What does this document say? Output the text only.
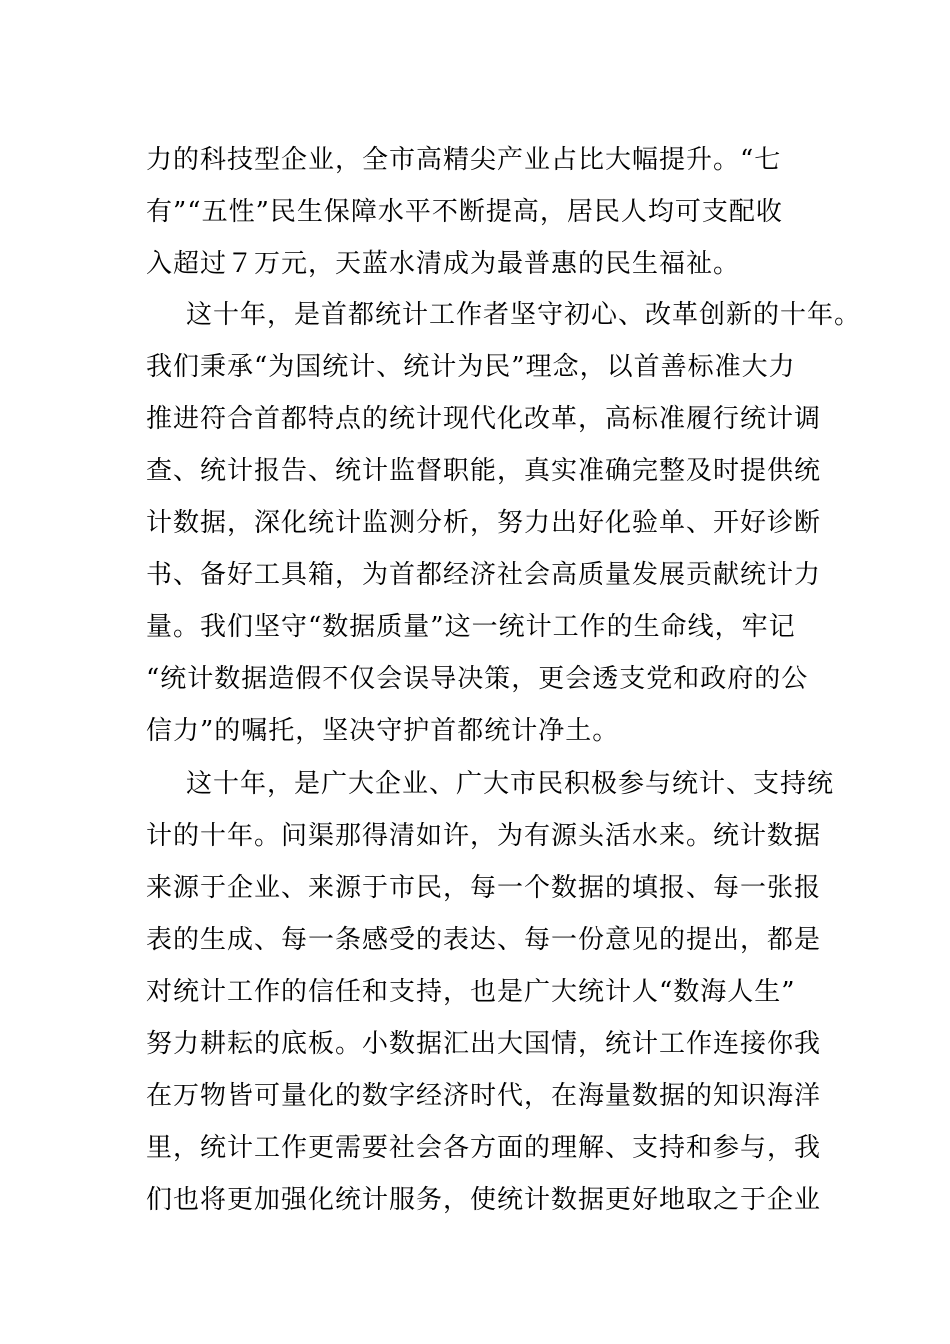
力的科技型企业，全市高精尖产业占比大幅提升。“七
有”“五性”民生保障水平不断提高，居民人均可支配收
入超过７万元，天蓝水清成为最普惠的民生福祉。
这十年，是首都统计工作者坚守初心、改革创新的十年。
我们秉承“为国统计、统计为民”理念，以首善标准大力
推进符合首都特点的统计现代化改革，高标准履行统计调
查、统计报告、统计监督职能，真实准确完整及时提供统
计数据，深化统计监测分析，努力出好化验单、开好诊断
书、备好工具箱，为首都经济社会高质量发展贡献统计力
量。我们坚守“数据质量”这一统计工作的生命线，牢记
“统计数据造假不仅会误导决策，更会透支党和政府的公
信力”的嘱托，坚决守护首都统计净土。
这十年，是广大企业、广大市民积极参与统计、支持统
计的十年。问渠那得清如许，为有源头活水来。统计数据
来源于企业、来源于市民，每一个数据的填报、每一张报
表的生成、每一条感受的表达、每一份意见的提出，都是
对统计工作的信任和支持，也是广大统计人“数海人生”
努力耕耘的底板。小数据汇出大国情，统计工作连接你我
在万物皆可量化的数字经济时代，在海量数据的知识海洋
里，统计工作更需要社会各方面的理解、支持和参与，我
们也将更加强化统计服务，使统计数据更好地取之于企业
